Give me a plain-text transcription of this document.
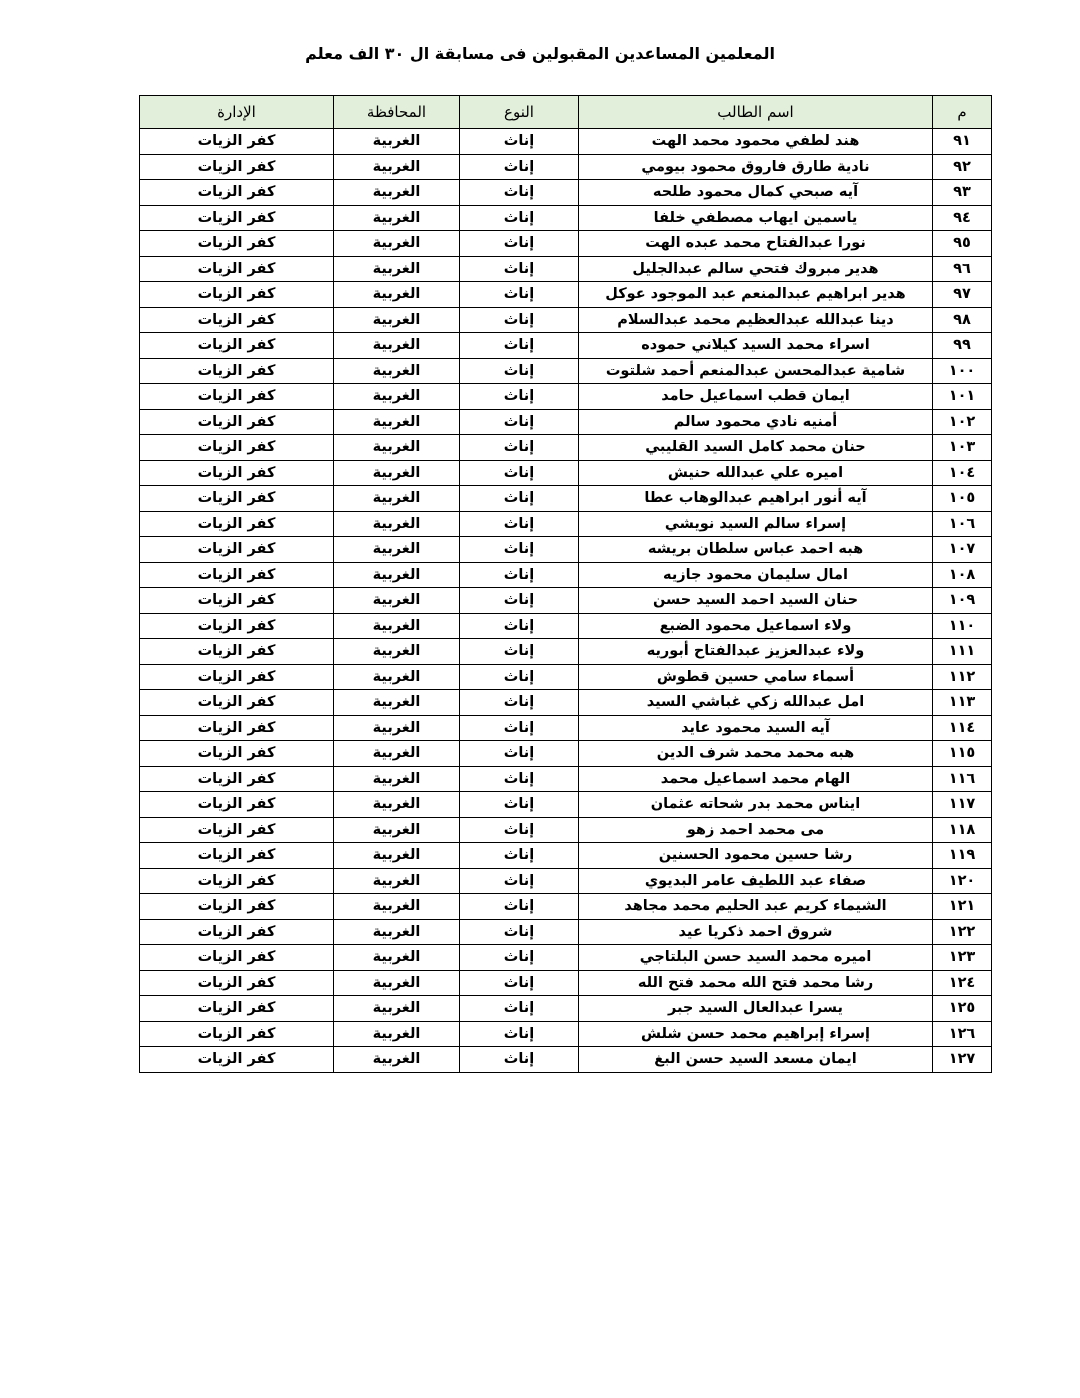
المعلمين المساعدين المقبولين فى مسابقة ال ٣٠ الف معلم
م	اسم الطالب	النوع	المحافظة	الإدارة
٩١	هند لطفي محمود محمد الهت	إناث	الغربية	كفر الزيات
٩٢	نادية طارق فاروق محمود بيومي	إناث	الغربية	كفر الزيات
٩٣	آيه صبحي كمال محمود طلحه	إناث	الغربية	كفر الزيات
٩٤	ياسمين ايهاب مصطفي خلفا	إناث	الغربية	كفر الزيات
٩٥	نورا عبدالفتاح محمد عبده الهت	إناث	الغربية	كفر الزيات
٩٦	هدير مبروك فتحي سالم عبدالجليل	إناث	الغربية	كفر الزيات
٩٧	هدير ابراهيم عبدالمنعم عبد الموجود عوكل	إناث	الغربية	كفر الزيات
٩٨	دينا عبدالله عبدالعظيم محمد عبدالسلام	إناث	الغربية	كفر الزيات
٩٩	اسراء محمد السيد كيلاني حموده	إناث	الغربية	كفر الزيات
١٠٠	شامية عبدالمحسن عبدالمنعم أحمد شلتوت	إناث	الغربية	كفر الزيات
١٠١	ايمان قطب اسماعيل حامد	إناث	الغربية	كفر الزيات
١٠٢	أمنيه نادي محمود سالم	إناث	الغربية	كفر الزيات
١٠٣	حنان محمد كامل السيد القليبي	إناث	الغربية	كفر الزيات
١٠٤	اميره علي عبدالله حنيش	إناث	الغربية	كفر الزيات
١٠٥	آيه أنور ابراهيم عبدالوهاب عطا	إناث	الغربية	كفر الزيات
١٠٦	إسراء سالم السيد نويشي	إناث	الغربية	كفر الزيات
١٠٧	هبه احمد عباس سلطان بريشه	إناث	الغربية	كفر الزيات
١٠٨	امال سليمان محمود جازيه	إناث	الغربية	كفر الزيات
١٠٩	حنان السيد احمد السيد حسن	إناث	الغربية	كفر الزيات
١١٠	ولاء اسماعيل محمود الضبع	إناث	الغربية	كفر الزيات
١١١	ولاء عبدالعزيز عبدالفتاح أبوريه	إناث	الغربية	كفر الزيات
١١٢	أسماء سامي حسين قطوش	إناث	الغربية	كفر الزيات
١١٣	امل عبدالله زكي غباشي السيد	إناث	الغربية	كفر الزيات
١١٤	آيه السيد محمود عايد	إناث	الغربية	كفر الزيات
١١٥	هبه محمد محمد شرف الدين	إناث	الغربية	كفر الزيات
١١٦	الهام محمد اسماعيل محمد	إناث	الغربية	كفر الزيات
١١٧	ايناس محمد بدر شحاته عثمان	إناث	الغربية	كفر الزيات
١١٨	مى محمد احمد زهو	إناث	الغربية	كفر الزيات
١١٩	رشا حسين محمود الحسنين	إناث	الغربية	كفر الزيات
١٢٠	صفاء عبد اللطيف عامر البديوي	إناث	الغربية	كفر الزيات
١٢١	الشيماء كريم عبد الحليم محمد مجاهد	إناث	الغربية	كفر الزيات
١٢٢	شروق احمد ذكريا عيد	إناث	الغربية	كفر الزيات
١٢٣	اميره محمد السيد حسن البلتاجي	إناث	الغربية	كفر الزيات
١٢٤	رشا محمد فتح الله محمد فتح الله	إناث	الغربية	كفر الزيات
١٢٥	يسرا عبدالعال السيد جبر	إناث	الغربية	كفر الزيات
١٢٦	إسراء إبراهيم محمد حسن شلش	إناث	الغربية	كفر الزيات
١٢٧	ايمان مسعد السيد حسن البغ	إناث	الغربية	كفر الزيات
